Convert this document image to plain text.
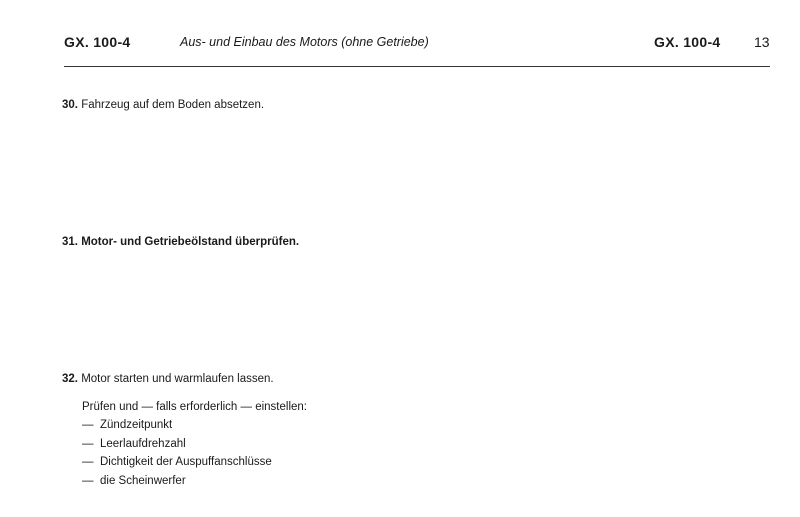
GX. 100-4	Aus- und Einbau des Motors (ohne Getriebe)	GX. 100-4 13
30. Fahrzeug auf dem Boden absetzen.
31. Motor- und Getriebeölstand überprüfen.
32. Motor starten und warmlaufen lassen.
Prüfen und — falls erforderlich — einstellen:
— Zündzeitpunkt
— Leerlaufdrehzahl
— Dichtigkeit der Auspuffanschlüsse
— die Scheinwerfer
